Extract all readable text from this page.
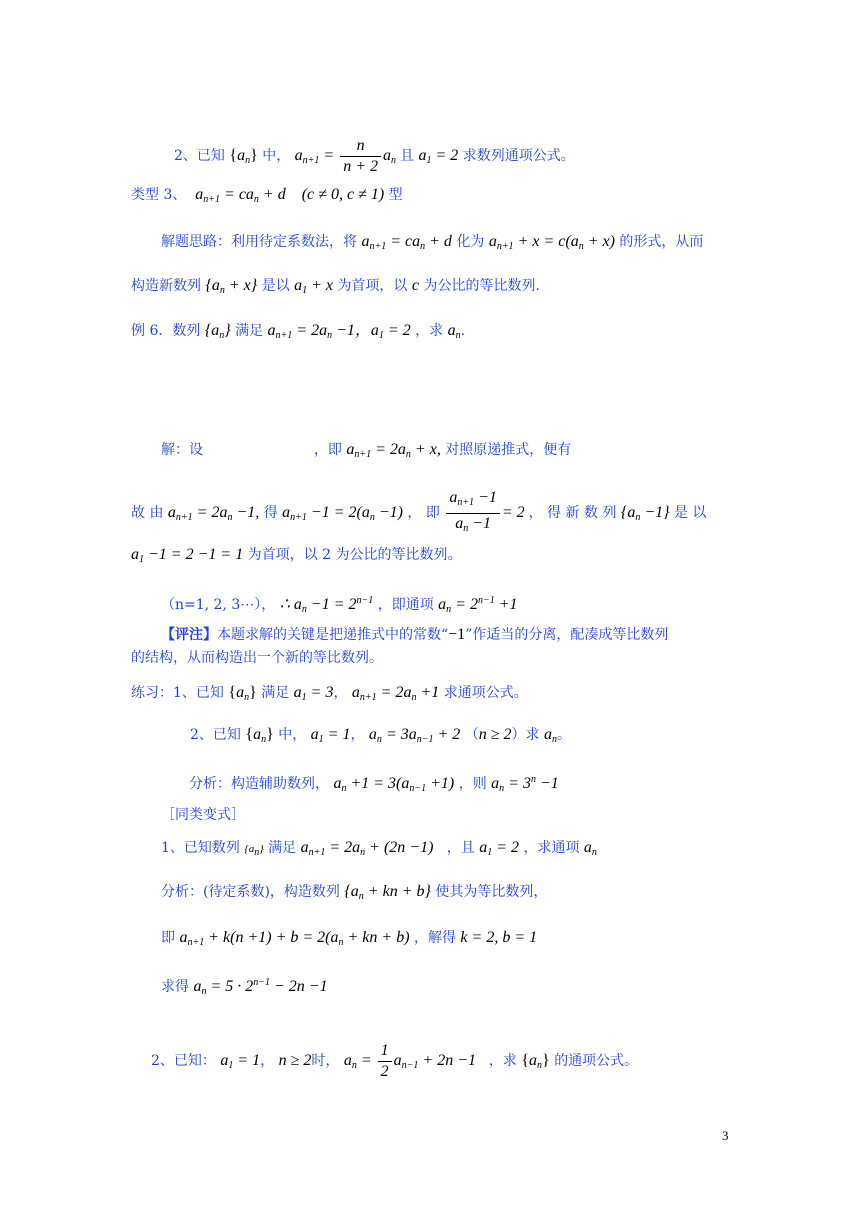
2、已知 $\{a_n\}$ 中， $a_{n+1} = \frac{n}{n + 2} a_n$ 且 $a_1 = 2$ 求数列通项公式。
类型 3、 $a_{n+1} = ca_n + d$    (c ≠ 0, c ≠ 1) 型
解题思路：利用待定系数法，将 $a_{n+1} = ca_n + d$ 化为 $a_{n+1} + x = c(a_n + x)$ 的形式，从而
构造新数列 $\{a_n + x\}$ 是以 $a_1 + x$ 为首项，以 c 为公比的等比数列.
例 6．数列 $\{a_n\}$ 满足 $a_{n+1} = 2a_n -1$，$a_1 = 2$ ，求 $a_n$.
解：设	，即 $a_{n+1} = 2a_n + x$, 对照原递推式，便有
故 由 $a_{n+1} = 2a_n -1$, 得 $a_{n+1} -1 = 2(a_n -1)$ ， 即 $\frac{a_{n+1} -1}{a_n -1} = 2$ ， 得 新 数 列 $\{a_n -1\}$ 是 以
$a_1 -1 = 2 -1 = 1$ 为首项，以 2 为公比的等比数列。
（n=1, 2, 3⋯）， ∴ $a_n -1 = 2^{n-1}$ ，即通项 $a_n = 2^{n-1} +1$
【评注】本题求解的关键是把递推式中的常数“−1”作适当的分离，配凑成等比数列
的结构，从而构造出一个新的等比数列。
练习：1、已知 $\{a_n\}$ 满足 $a_1 = 3$， $a_{n+1} = 2a_n +1$ 求通项公式。
2、已知 $\{a_n\}$ 中， $a_1 = 1$， $a_n = 3a_{n-1} + 2$ （n ≥ 2）求 $a_n$。
分析：构造辅助数列， $a_n +1 = 3(a_{n-1} +1)$ ，则 $a_n = 3^n -1$
［同类变式］
1、已知数列 $\{a_n\}$ 满足 $a_{n+1} = 2a_n + (2n -1)$ ，且 $a_1 = 2$ ，求通项 $a_n$
分析：(待定系数)，构造数列 {$a_n$ + kn + b} 使其为等比数列，
即 $a_{n+1} + k(n +1) + b = 2(a_n$ + kn + b) ，解得 k = 2, b = 1
求得 $a_n = 5 \cdot 2^{n-1} - 2n -1$
2、已知： $a_1 = 1$， n ≥ 2时， $a_n = \frac{1}{2} a_{n-1} + 2n -1$ ，求 $\{a_n\}$ 的通项公式。
3
